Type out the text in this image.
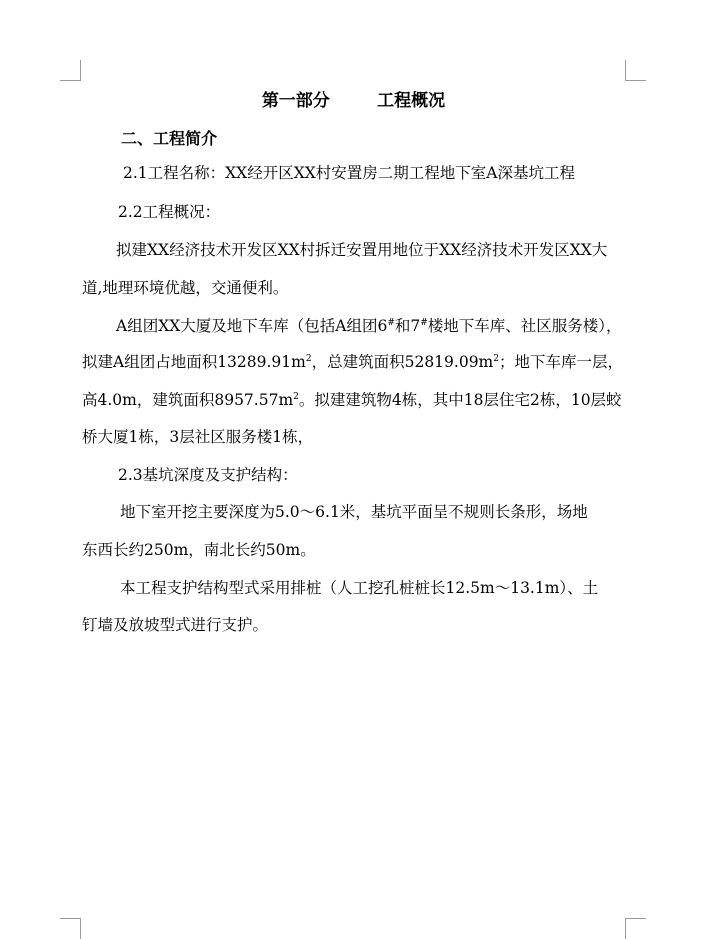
第一部分	工程概况
二、工程简介
2.1工程名称：XX经开区XX村安置房二期工程地下室A深基坑工程
2.2工程概况：
拟建XX经济技术开发区XX村拆迁安置用地位于XX经济技术开发区XX大
道,地理环境优越，交通便利。
A组团XX大厦及地下车库（包括A组团6#和7#楼地下车库、社区服务楼），
拟建A组团占地面积$13289.91m^2$，总建筑面积$52819.09m^2$；地下车库一层，
高4.0m，建筑面积$8957.57m^2$。拟建建筑物4栋，其中18层住宅2栋，10层蛟
桥大厦1栋，3层社区服务楼1栋，
2.3基坑深度及支护结构：
地下室开挖主要深度为5.0～6.1米，基坑平面呈不规则长条形，场地
东西长约250m，南北长约50m。
本工程支护结构型式采用排桩（人工挖孔桩桩长12.5m～13.1m）、土
钉墙及放坡型式进行支护。
